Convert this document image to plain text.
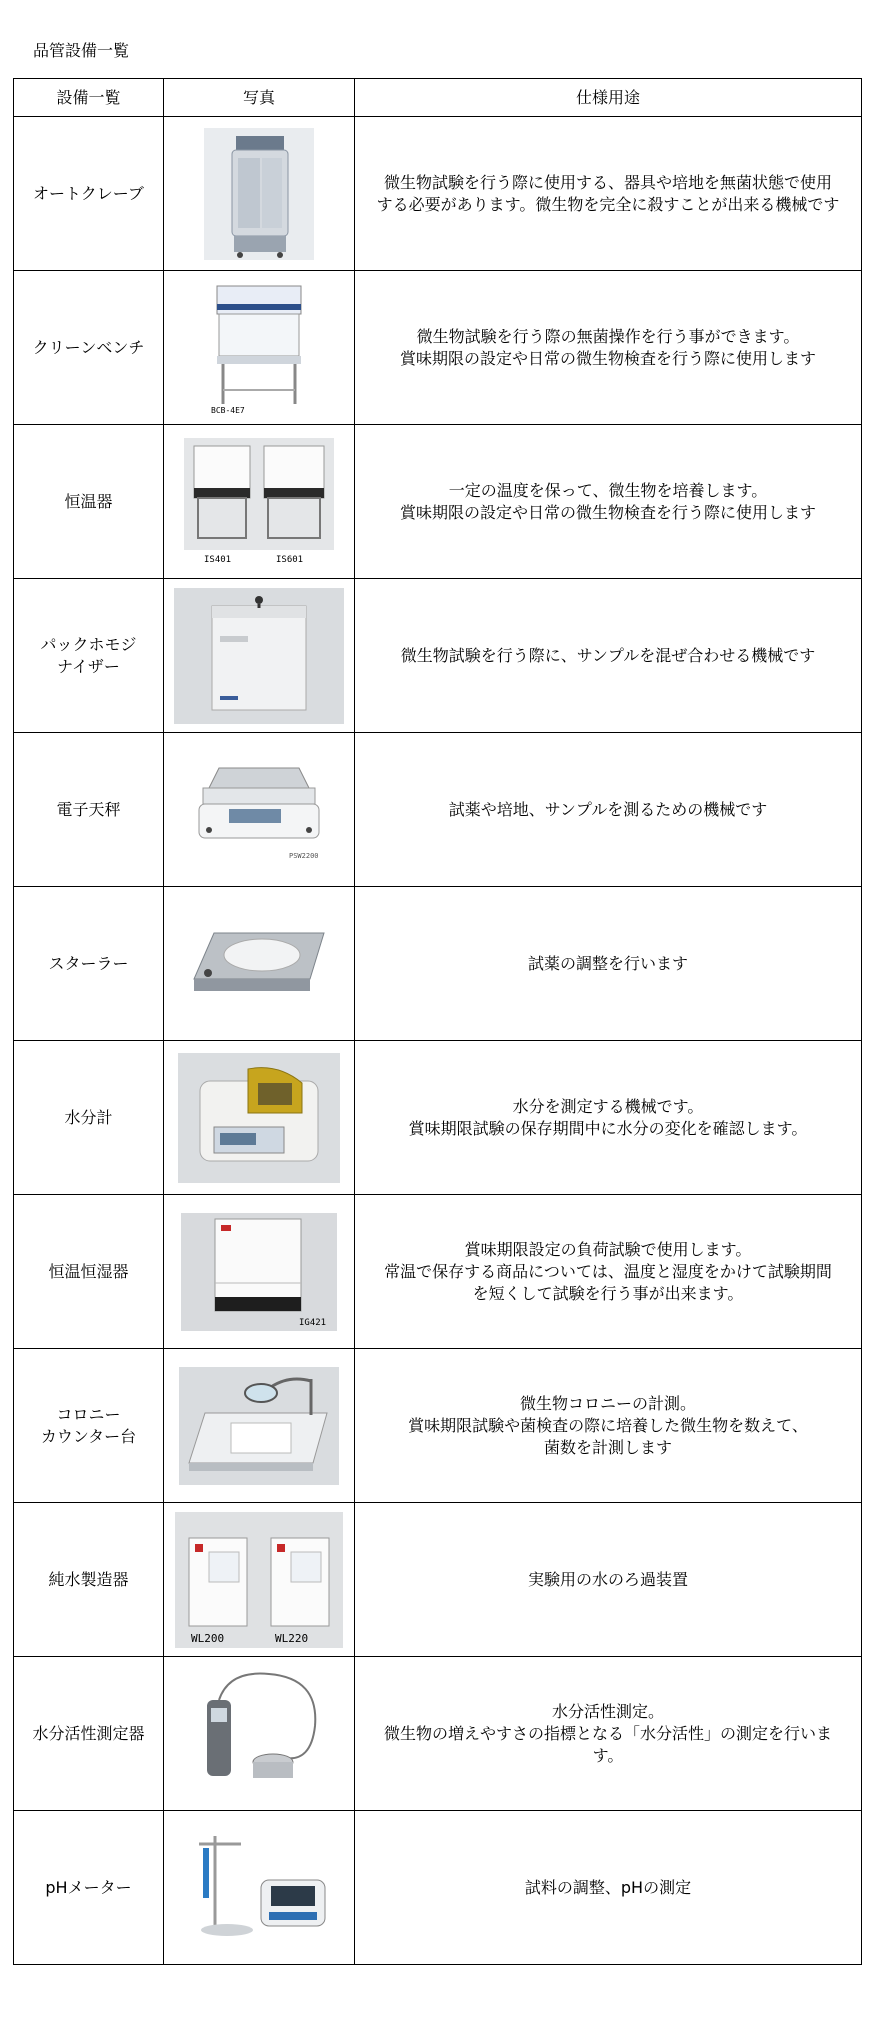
品管設備一覧
設備一覧	写真	仕様用途
オートクレーブ		微生物試験を行う際に使用する、器具や培地を無菌状態で使用
する必要があります。微生物を完全に殺すことが出来る機械です
クリーンベンチ	BCB-4E7	微生物試験を行う際の無菌操作を行う事ができます。
賞味期限の設定や日常の微生物検査を行う際に使用します
恒温器	IS401 IS601	一定の温度を保って、微生物を培養します。
賞味期限の設定や日常の微生物検査を行う際に使用します
パックホモジ
ナイザー		微生物試験を行う際に、サンプルを混ぜ合わせる機械です
電子天秤	PSW2200	試薬や培地、サンプルを測るための機械です
スターラー		試薬の調整を行います
水分計		水分を測定する機械です。
賞味期限試験の保存期間中に水分の変化を確認します。
恒温恒湿器	IG421	賞味期限設定の負荷試験で使用します。
常温で保存する商品については、温度と湿度をかけて試験期間
を短くして試験を行う事が出来ます。
コロニー
カウンター台		微生物コロニーの計測。
賞味期限試験や菌検査の際に培養した微生物を数えて、
菌数を計測します
純水製造器	WL200 WL220	実験用の水のろ過装置
水分活性測定器		水分活性測定。
微生物の増えやすさの指標となる「水分活性」の測定を行いま
す。
pHメーター		試料の調整、pHの測定
